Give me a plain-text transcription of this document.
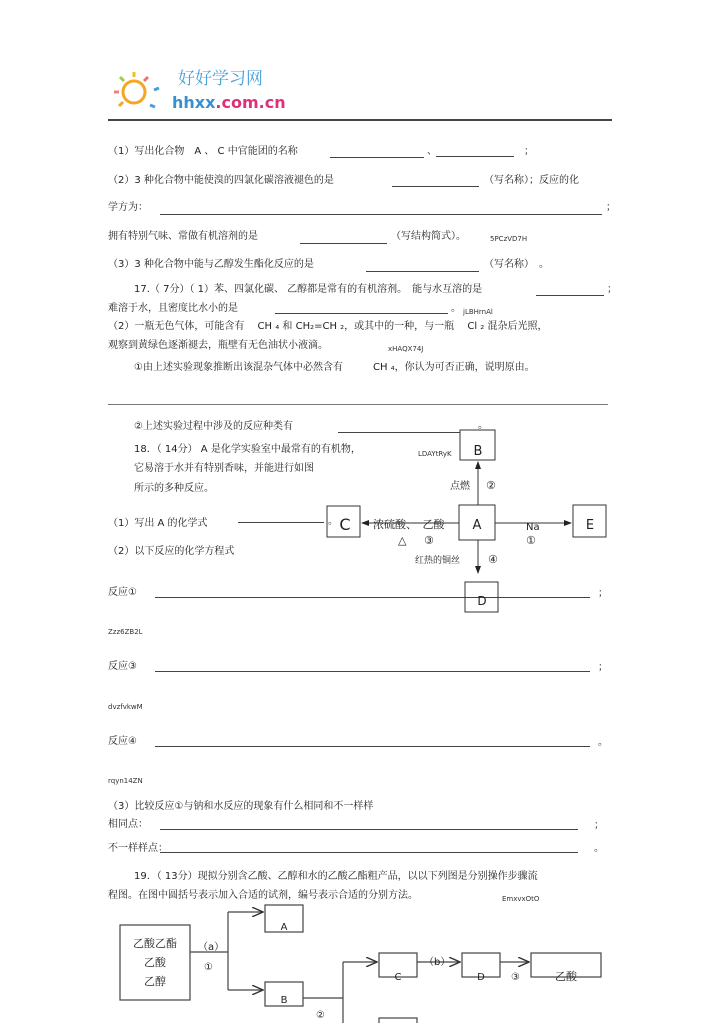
好好学习网
hhxx.com.cn
（1）写出化合物　A 、 C 中官能团的名称	、	；
（2）3 种化合物中能使溴的四氯化碳溶液褪色的是	（写名称）；反应的化
学方为：	；
拥有特别气味、常做有机溶剂的是	（写结构简式）。	5PCzVD7H
（3）3 种化合物中能与乙醇发生酯化反应的是	（写名称）　。
17.（ 7分）（ 1）苯、四氯化碳、 乙醇都是常有的有机溶剂。　能与水互溶的是	；
难溶于水，且密度比水小的是	。 jLBHrnAl
（2）一瓶无色气体，可能含有　 CH ₄ 和 CH₂=CH ₂，或其中的一种，与一瓶　 Cl ₂ 混杂后光照，
观察到黄绿色逐渐褪去，瓶壁有无色油状小液滴。	xHAQX74J
①由上述实验现象推断出该混杂气体中必然含有　　　CH ₄，你认为可否正确，说明原由。
②上述实验过程中涉及的反应种类有	。
18．（ 14分） A 是化学实验室中最常有的有机物，
它易溶于水并有特别香味，并能进行如图
所示的多种反应。
LDAYtRyK
（1）写出 A 的化学式	。
（2）以下反应的化学方程式
反应①	；
Zzz6ZB2L
反应③	；
dvzfvkwM
反应④	。
rqyn14ZN
（3）比较反应①与钠和水反应的现象有什么相同和不一样样
相同点：	；
不一样样点：	。
B
A
C	E
D
点燃 ②
浓硫酸、　乙酸
△ ③
Na
①
红热的铜丝	④
19．（ 13分）现拟分别含乙酸、乙醇和水的乙酸乙酯粗产品，以以下列图是分别操作步骤流
程图。在图中圆括号表示加入合适的试剂，编号表示合适的分别方法。	EmxvxOtO
乙酸乙酯
乙酸
乙醇
（a）
①
A
B
②
C
（b）
D	③	乙酸
